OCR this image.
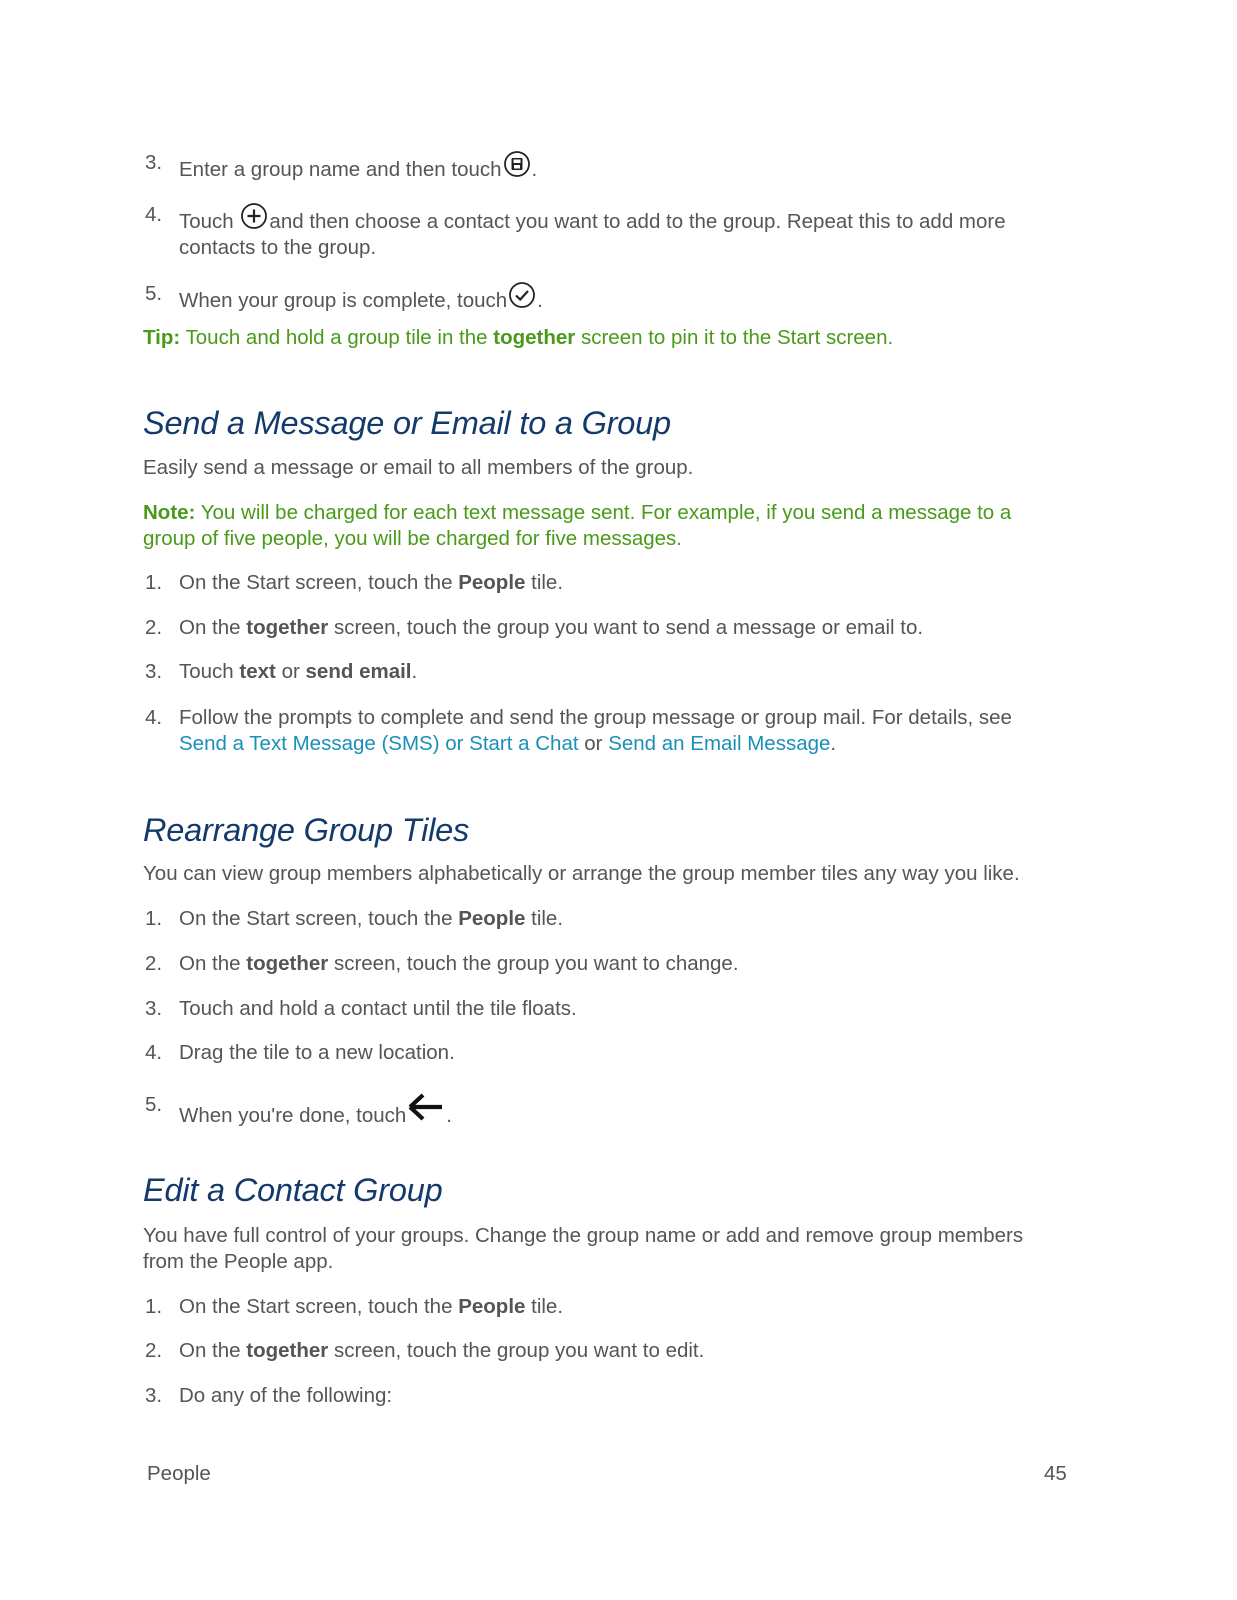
3. Enter a group name and then touch .
4. Touch and then choose a contact you want to add to the group. Repeat this to add more contacts to the group.
5. When your group is complete, touch .
Tip: Touch and hold a group tile in the together screen to pin it to the Start screen.
Send a Message or Email to a Group
Easily send a message or email to all members of the group.
Note: You will be charged for each text message sent. For example, if you send a message to a group of five people, you will be charged for five messages.
1. On the Start screen, touch the People tile.
2. On the together screen, touch the group you want to send a message or email to.
3. Touch text or send email.
4. Follow the prompts to complete and send the group message or group mail. For details, see
Send a Text Message (SMS) or Start a Chat or Send an Email Message.
Rearrange Group Tiles
You can view group members alphabetically or arrange the group member tiles any way you like.
1. On the Start screen, touch the People tile.
2. On the together screen, touch the group you want to change.
3. Touch and hold a contact until the tile floats.
4. Drag the tile to a new location.
5. When you're done, touch .
Edit a Contact Group
You have full control of your groups. Change the group name or add and remove group members from the People app.
1. On the Start screen, touch the People tile.
2. On the together screen, touch the group you want to edit.
3. Do any of the following:
People	45
